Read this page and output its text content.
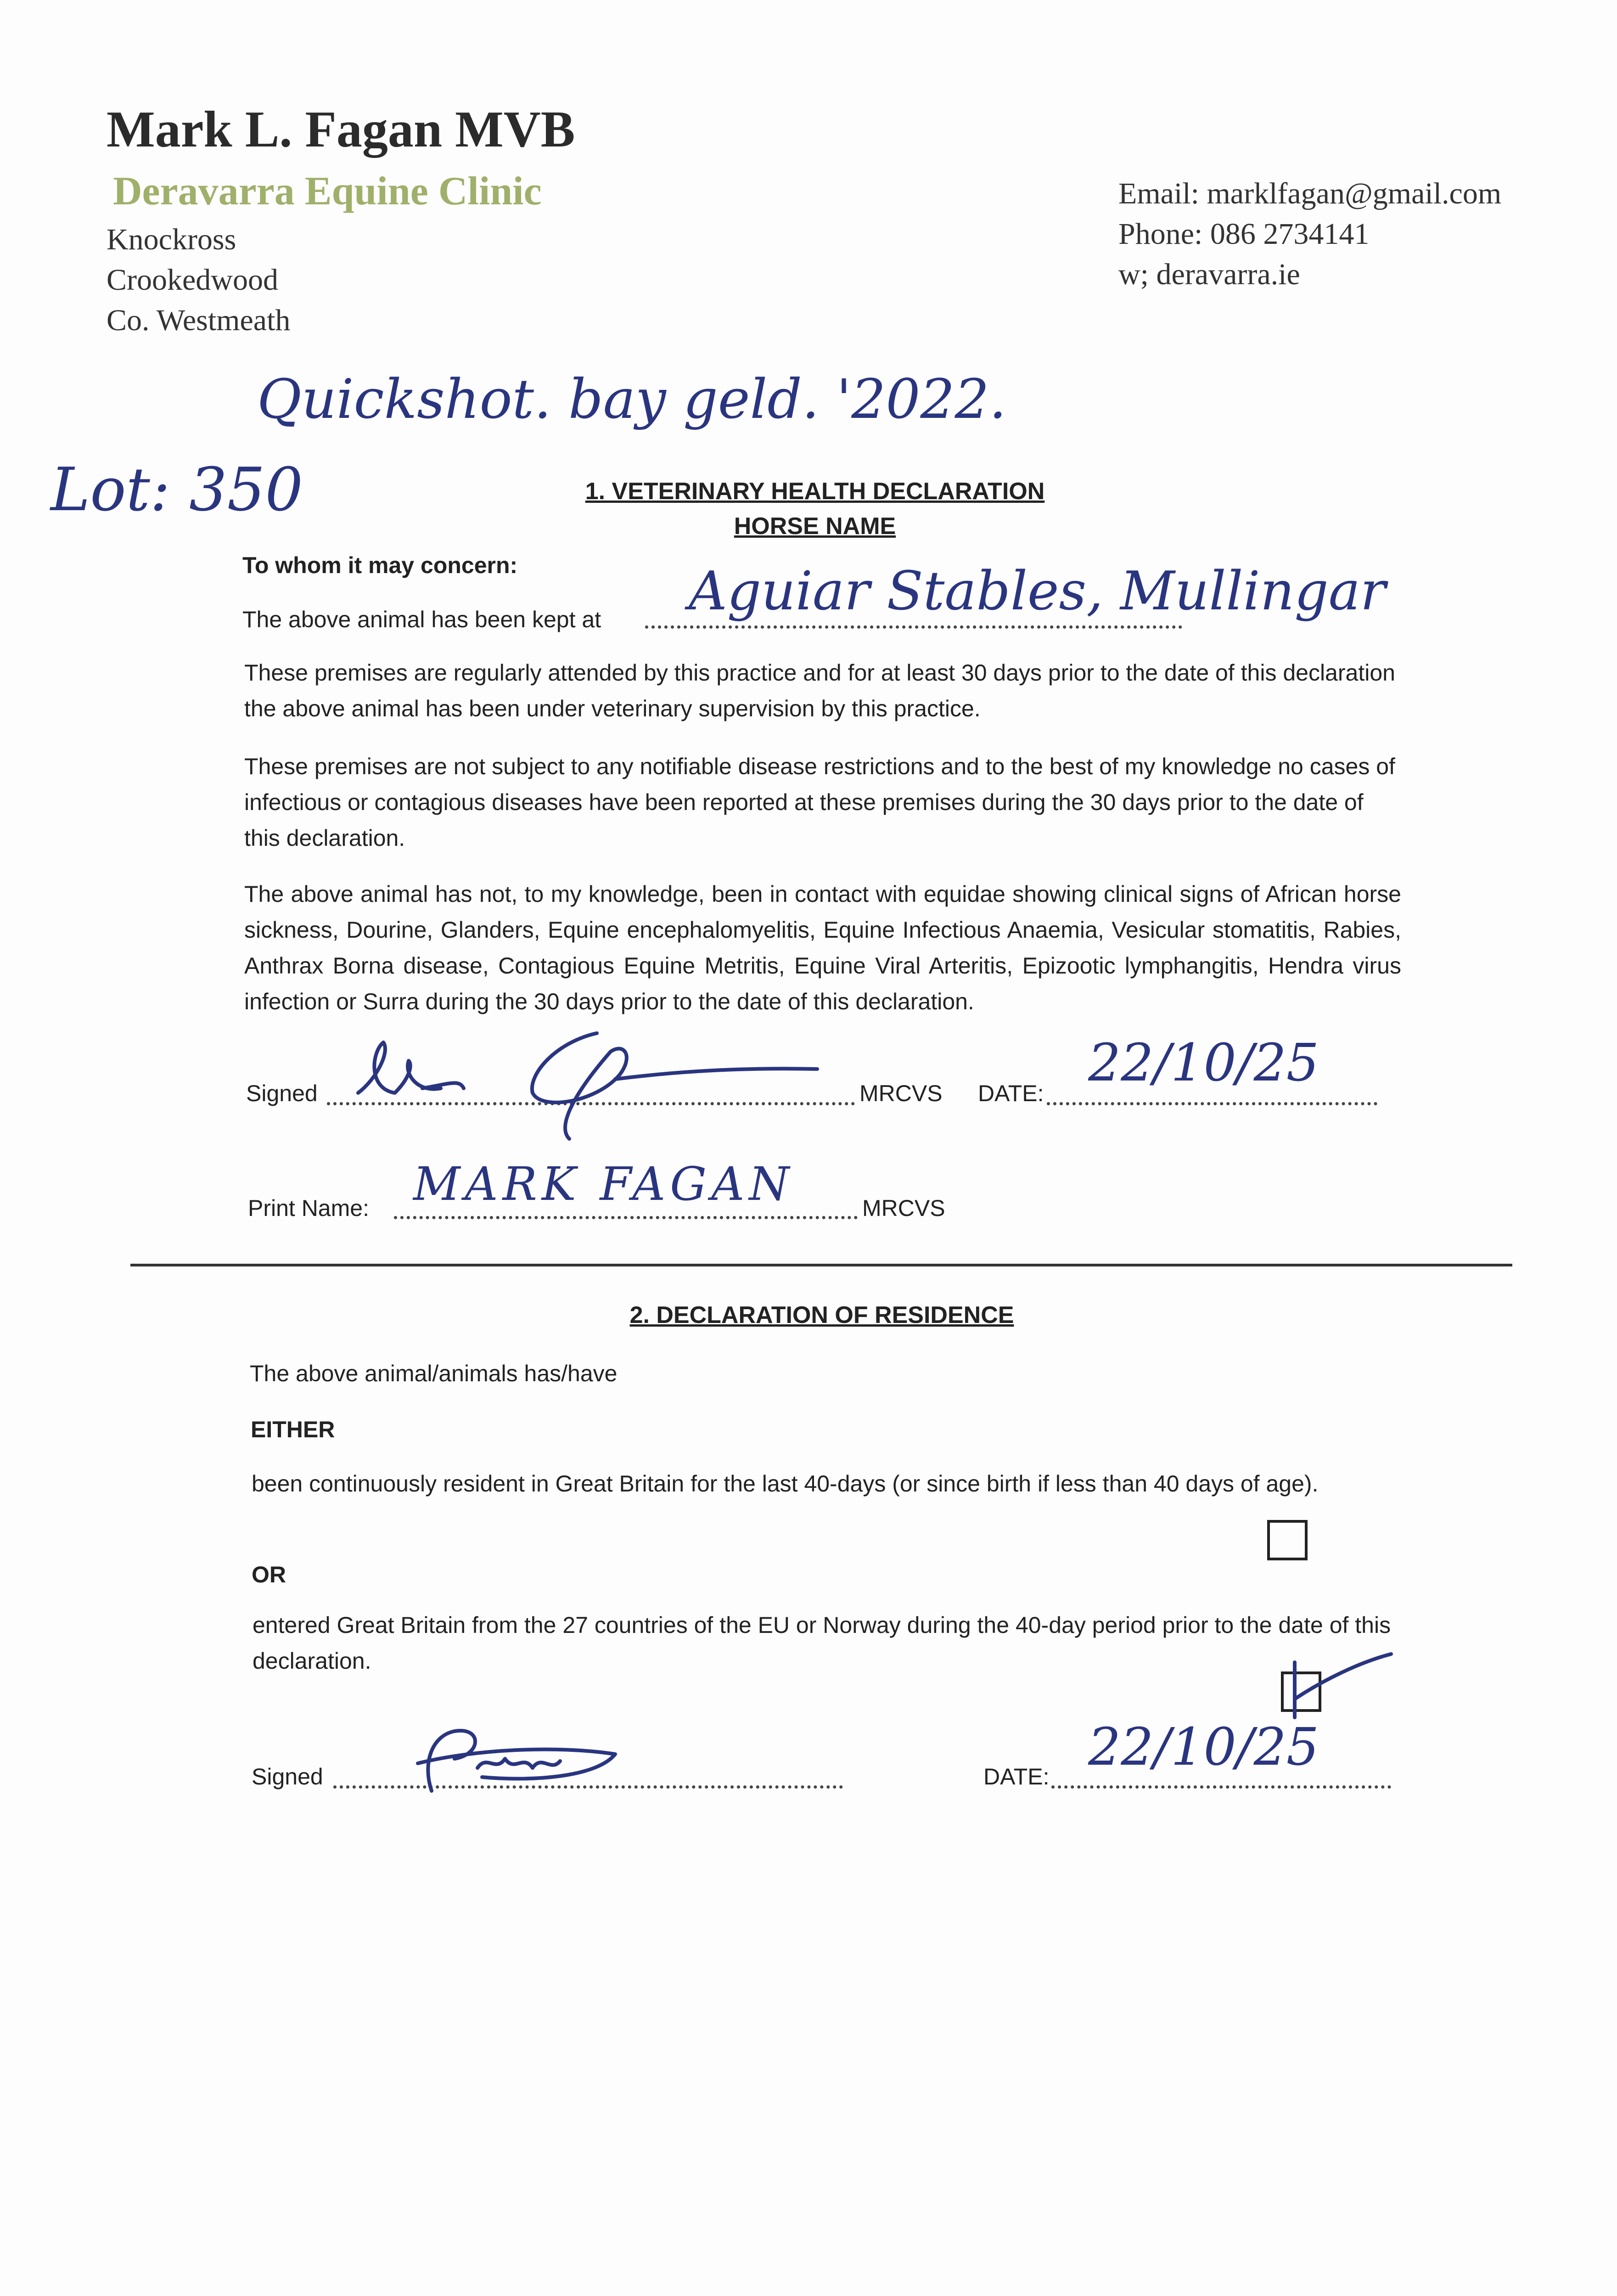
Mark L. Fagan MVB
Deravarra Equine Clinic
Knockross
Crookedwood
Co. Westmeath
Email: marklfagan@gmail.com
Phone: 086 2734141
w; deravarra.ie
Quickshot. bay geld. '2022.
Lot: 350	1. VETERINARY HEALTH DECLARATION
HORSE NAME
To whom it may concern:
The above animal has been kept at Aguiar Stables, Mullingar
These premises are regularly attended by this practice and for at least 30 days prior to the date of this declaration the above animal has been under veterinary supervision by this practice.
These premises are not subject to any notifiable disease restrictions and to the best of my knowledge no cases of infectious or contagious diseases have been reported at these premises during the 30 days prior to the date of this declaration.
The above animal has not, to my knowledge, been in contact with equidae showing clinical signs of African horse sickness, Dourine, Glanders, Equine encephalomyelitis, Equine Infectious Anaemia, Vesicular stomatitis, Rabies, Anthrax Borna disease, Contagious Equine Metritis, Equine Viral Arteritis, Epizootic lymphangitis, Hendra virus infection or Surra during the 30 days prior to the date of this declaration.
Signed	MRCVS DATE:
22/10/25
Print Name: MARK FAGAN	MRCVS
2. DECLARATION OF RESIDENCE
The above animal/animals has/have
EITHER
been continuously resident in Great Britain for the last 40-days (or since birth if less than 40 days of age).
OR
entered Great Britain from the 27 countries of the EU or Norway during the 40-day period prior to the date of this declaration.
Signed	DATE: 22/10/25
